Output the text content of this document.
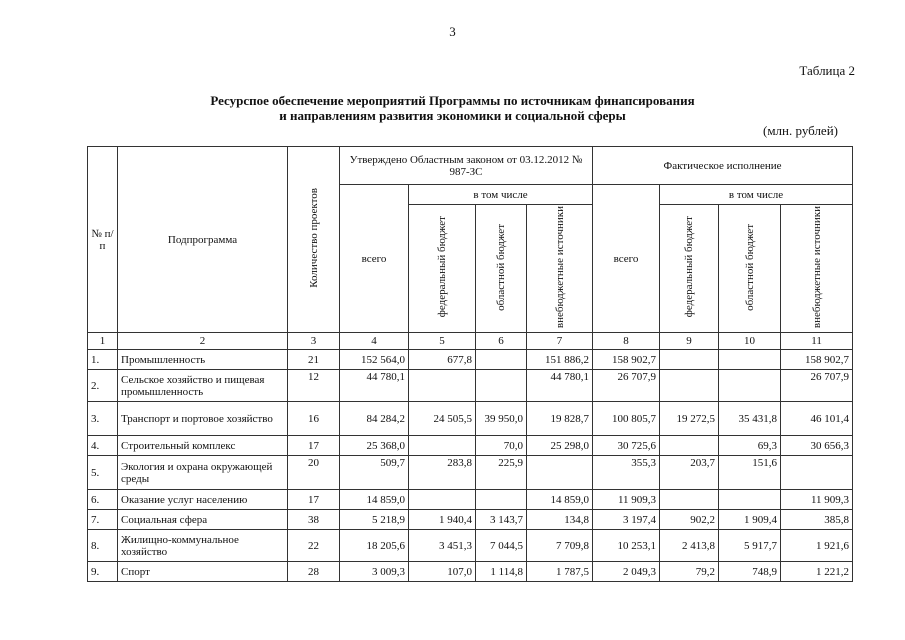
3
Таблица 2
Ресурспое обеспечение мероприятий Программы по источникам финапсирования
и направлениям развития экономики и социальной сферы
(млн. рублей)
№ п/п	Подпрограмма	Количество проектов	Утверждено Областным законом от 03.12.2012 № 987-ЗС				Фактическое исполнение			
			всего	в том числе			всего	в том числе		
				федеральный бюджет	областной бюджет	внебюджетные источники		федеральный бюджет	областной бюджет	внебюджетные источники
1	2	3	4	5	6	7	8	9	10	11
1.	Промышленность	21	152 564,0	677,8		151 886,2	158 902,7			158 902,7
2.	Сельское хозяйство и пищевая промышленность	12	44 780,1			44 780,1	26 707,9			26 707,9
3.	Транспорт и портовое хозяйство	16	84 284,2	24 505,5	39 950,0	19 828,7	100 805,7	19 272,5	35 431,8	46 101,4
4.	Строительный комплекс	17	25 368,0		70,0	25 298,0	30 725,6		69,3	30 656,3
5.	Экология и охрана окружающей среды	20	509,7	283,8	225,9		355,3	203,7	151,6	
6.	Оказание услуг населению	17	14 859,0			14 859,0	11 909,3			11 909,3
7.	Социальная сфера	38	5 218,9	1 940,4	3 143,7	134,8	3 197,4	902,2	1 909,4	385,8
8.	Жилищно-коммунальное хозяйство	22	18 205,6	3 451,3	7 044,5	7 709,8	10 253,1	2 413,8	5 917,7	1 921,6
9.	Спорт	28	3 009,3	107,0	1 114,8	1 787,5	2 049,3	79,2	748,9	1 221,2
